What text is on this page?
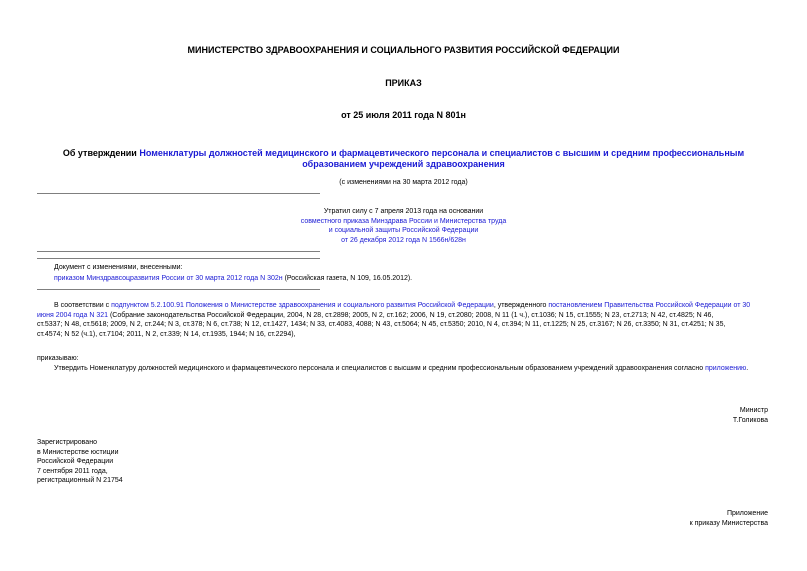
МИНИСТЕРСТВО ЗДРАВООХРАНЕНИЯ И СОЦИАЛЬНОГО РАЗВИТИЯ РОССИЙСКОЙ ФЕДЕРАЦИИ
ПРИКАЗ
от 25 июля 2011 года N 801н
Об утверждении Номенклатуры должностей медицинского и фармацевтического персонала и специалистов с высшим и средним профессиональным
образованием учреждений здравоохранения
(с изменениями на 30 марта 2012 года)
Утратил силу с 7 апреля 2013 года на основании
совместного приказа Минздрава России и Министерства труда
и социальной защиты Российской Федерации
от 26 декабря 2012 года N 1566н/628н
Документ с изменениями, внесенными:
приказом Минздравсоцразвития России от 30 марта 2012 года N 302н (Российская газета, N 109, 16.05.2012).
В соответствии с подпунктом 5.2.100.91 Положения о Министерстве здравоохранения и социального развития Российской Федерации, утвержденного постановлением Правительства Российской Федерации от 30
июня 2004 года N 321 (Собрание законодательства Российской Федерации, 2004, N 28, ст.2898; 2005, N 2, ст.162; 2006, N 19, ст.2080; 2008, N 11 (1 ч.), ст.1036; N 15, ст.1555; N 23, ст.2713; N 42, ст.4825; N 46,
ст.5337; N 48, ст.5618; 2009, N 2, ст.244; N 3, ст.378; N 6, ст.738; N 12, ст.1427, 1434; N 33, ст.4083, 4088; N 43, ст.5064; N 45, ст.5350; 2010, N 4, ст.394; N 11, ст.1225; N 25, ст.3167; N 26, ст.3350; N 31, ст.4251; N 35,
ст.4574; N 52 (ч.1), ст.7104; 2011, N 2, ст.339; N 14, ст.1935, 1944; N 16, ст.2294),
приказываю:
Утвердить Номенклатуру должностей медицинского и фармацевтического персонала и специалистов с высшим и средним профессиональным образованием учреждений здравоохранения согласно приложению.
Министр
Т.Голикова
Зарегистрировано
в Министерстве юстиции
Российской Федерации
7 сентября 2011 года,
регистрационный N 21754
Приложение
к приказу Министерства
